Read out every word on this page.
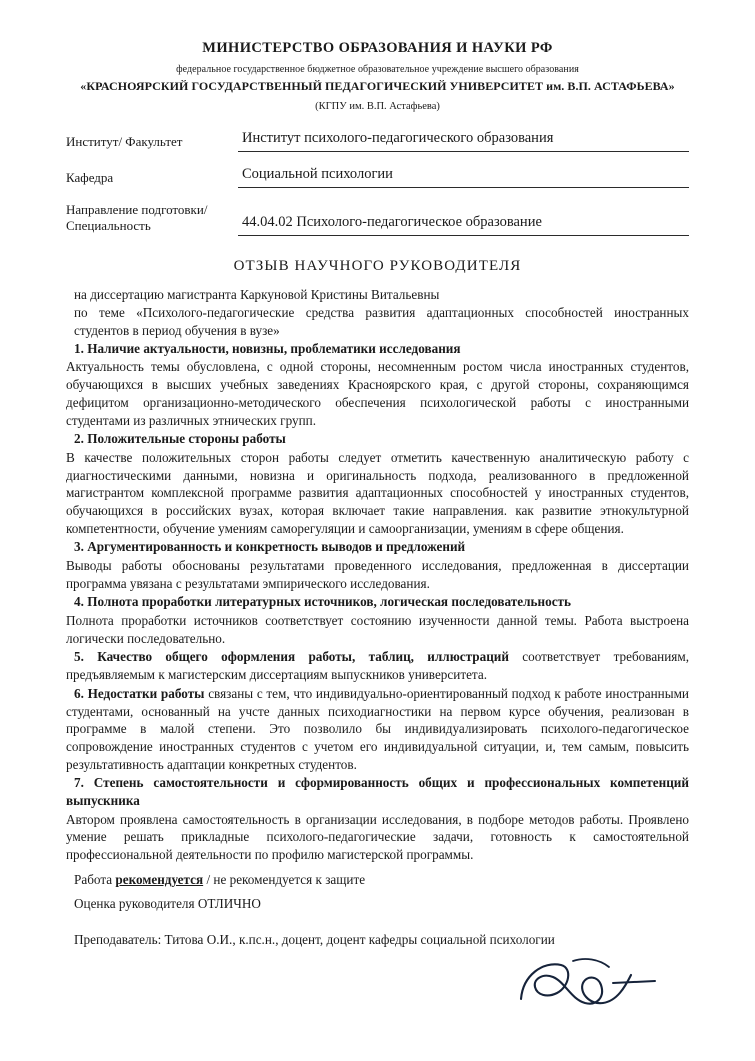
МИНИСТЕРСТВО ОБРАЗОВАНИЯ И НАУКИ РФ
федеральное государственное бюджетное образовательное учреждение высшего образования
«КРАСНОЯРСКИЙ ГОСУДАРСТВЕННЫЙ ПЕДАГОГИЧЕСКИЙ УНИВЕРСИТЕТ им. В.П. АСТАФЬЕВА»
(КГПУ им. В.П. Астафьева)
Институт/ Факультет	Институт психолого-педагогического образования
Кафедра	Социальной психологии
Направление подготовки/ Специальность	44.04.02 Психолого-педагогическое образование
ОТЗЫВ НАУЧНОГО РУКОВОДИТЕЛЯ
на диссертацию магистранта Каркуновой Кристины Витальевны
по теме «Психолого-педагогические средства развития адаптационных способностей иностранных студентов в период обучения в вузе»
1. Наличие актуальности, новизны, проблематики исследования
Актуальность темы обусловлена, с одной стороны, несомненным ростом числа иностранных студентов, обучающихся в высших учебных заведениях Красноярского края, с другой стороны, сохраняющимся дефицитом организационно-методического обеспечения психологической работы с иностранными студентами из различных этнических групп.
2. Положительные стороны работы
В качестве положительных сторон работы следует отметить качественную аналитическую работу с диагностическими данными, новизна и оригинальность подхода, реализованного в предложенной магистрантом комплексной программе развития адаптационных способностей у иностранных студентов, обучающихся в российских вузах, которая включает такие направления. как развитие этнокультурной компетентности, обучение умениям саморегуляции и самоорганизации, умениям в сфере общения.
3. Аргументированность и конкретность выводов и предложений
Выводы работы обоснованы результатами проведенного исследования, предложенная в диссертации программа увязана с результатами эмпирического исследования.
4. Полнота проработки литературных источников, логическая последовательность
Полнота проработки источников соответствует состоянию изученности данной темы. Работа выстроена логически последовательно.
5. Качество общего оформления работы, таблиц, иллюстраций соответствует требованиям, предъявляемым к магистерским диссертациям выпускников университета.
6. Недостатки работы связаны с тем, что индивидуально-ориентированный подход к работе иностранными студентами, основанный на учсте данных психодиагностики на первом курсе обучения, реализован в программе в малой степени. Это позволило бы индивидуализировать психолого-педагогическое сопровождение иностранных студентов с учетом его индивидуальной ситуации, и, тем самым, повысить результативность адаптации конкретных студентов.
7. Степень самостоятельности и сформированность общих и профессиональных компетенций выпускника
Автором проявлена самостоятельность в организации исследования, в подборе методов работы. Проявлено умение решать прикладные психолого-педагогические задачи, готовность к самостоятельной профессиональной деятельности по профилю магистерской программы.
Работа рекомендуется / не рекомендуется к защите
Оценка руководителя ОТЛИЧНО
Преподаватель: Титова О.И., к.пс.н., доцент, доцент кафедры социальной психологии
